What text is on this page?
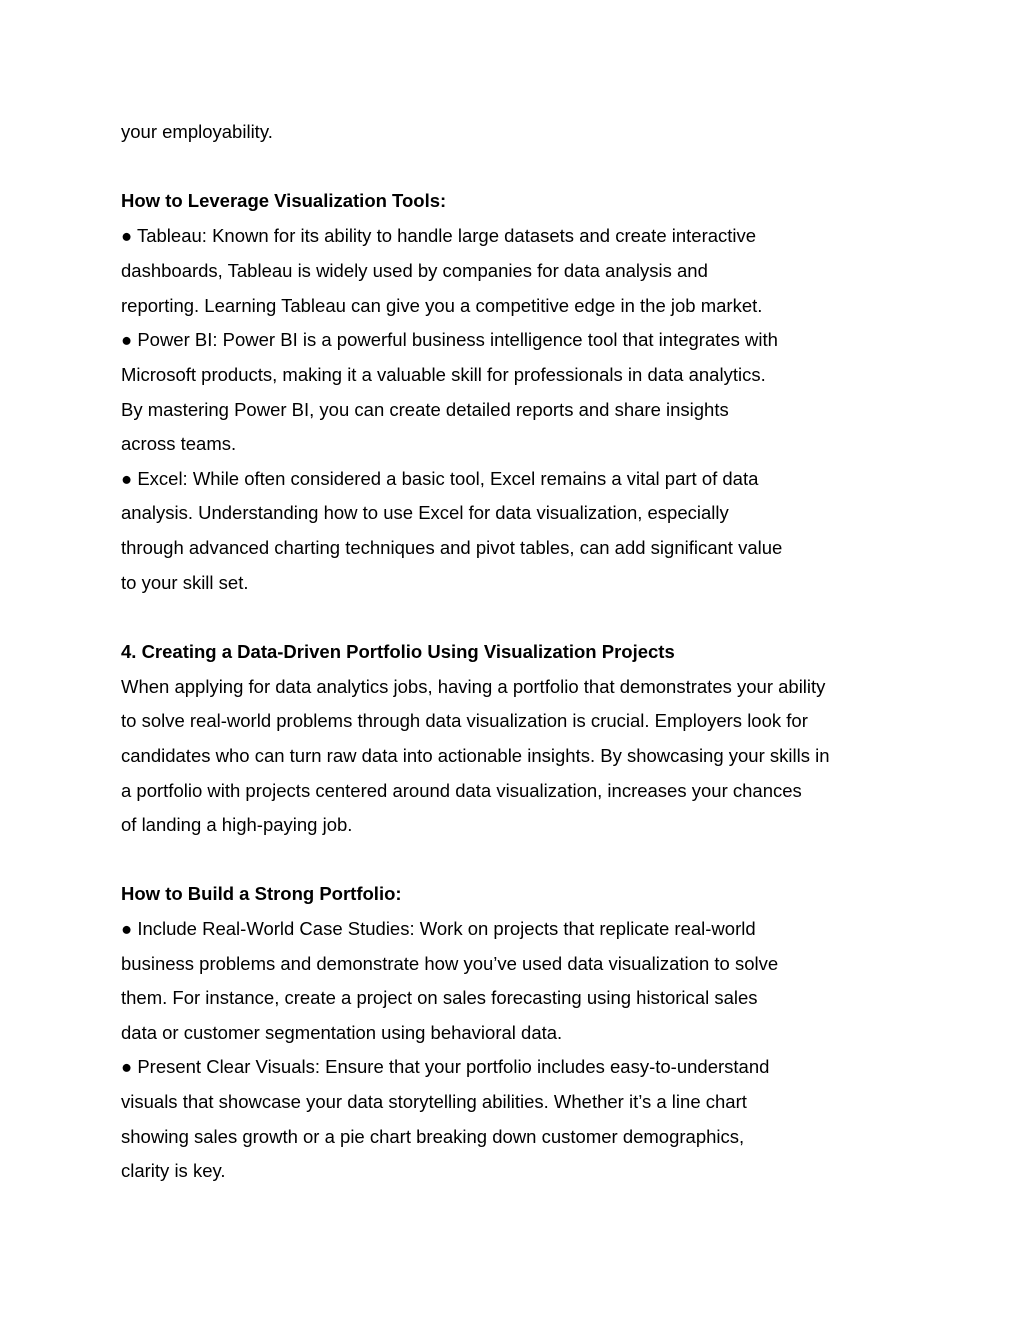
your employability.
How to Leverage Visualization Tools:
● Tableau: Known for its ability to handle large datasets and create interactive
dashboards, Tableau is widely used by companies for data analysis and
reporting. Learning Tableau can give you a competitive edge in the job market.
● Power BI: Power BI is a powerful business intelligence tool that integrates with
Microsoft products, making it a valuable skill for professionals in data analytics.
By mastering Power BI, you can create detailed reports and share insights
across teams.
● Excel: While often considered a basic tool, Excel remains a vital part of data
analysis. Understanding how to use Excel for data visualization, especially
through advanced charting techniques and pivot tables, can add significant value
to your skill set.
4. Creating a Data-Driven Portfolio Using Visualization Projects
When applying for data analytics jobs, having a portfolio that demonstrates your ability
to solve real-world problems through data visualization is crucial. Employers look for
candidates who can turn raw data into actionable insights. By showcasing your skills in
a portfolio with projects centered around data visualization, increases your chances
of landing a high-paying job.
How to Build a Strong Portfolio:
● Include Real-World Case Studies: Work on projects that replicate real-world
business problems and demonstrate how you’ve used data visualization to solve
them. For instance, create a project on sales forecasting using historical sales
data or customer segmentation using behavioral data.
● Present Clear Visuals: Ensure that your portfolio includes easy-to-understand
visuals that showcase your data storytelling abilities. Whether it’s a line chart
showing sales growth or a pie chart breaking down customer demographics,
clarity is key.
